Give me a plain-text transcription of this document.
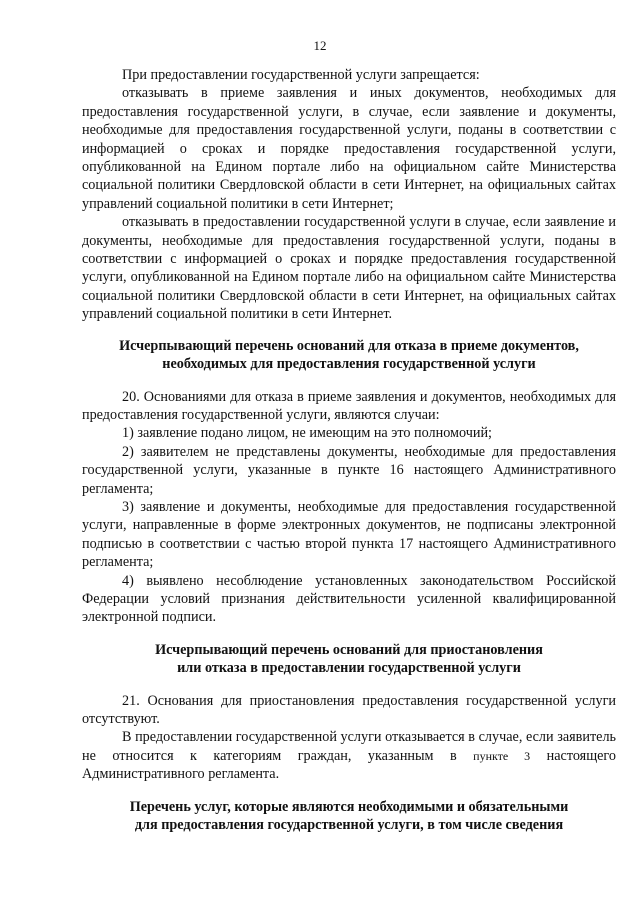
12

При предоставлении государственной услуги запрещается:

отказывать в приеме заявления и иных документов, необходимых для предоставления государственной услуги, в случае, если заявление и документы, необходимые для предоставления государственной услуги, поданы в соответствии с информацией о сроках и порядке предоставления государственной услуги, опубликованной на Едином портале либо на официальном сайте Министерства социальной политики Свердловской области в сети Интернет, на официальных сайтах управлений социальной политики в сети Интернет;

отказывать в предоставлении государственной услуги в случае, если заявление и документы, необходимые для предоставления государственной услуги, поданы в соответствии с информацией о сроках и порядке предоставления государственной услуги, опубликованной на Едином портале либо на официальном сайте Министерства социальной политики Свердловской области в сети Интернет, на официальных сайтах управлений социальной политики в сети Интернет.

Исчерпывающий перечень оснований для отказа в приеме документов,
необходимых для предоставления государственной услуги

20. Основаниями для отказа в приеме заявления и документов, необходимых для предоставления государственной услуги, являются случаи:

1) заявление подано лицом, не имеющим на это полномочий;

2) заявителем не представлены документы, необходимые для предоставления государственной услуги, указанные в пункте 16 настоящего Административного регламента;

3) заявление и документы, необходимые для предоставления государственной услуги, направленные в форме электронных документов, не подписаны электронной подписью в соответствии с частью второй пункта 17 настоящего Административного регламента;

4) выявлено несоблюдение установленных законодательством Российской Федерации условий признания действительности усиленной квалифицированной электронной подписи.

Исчерпывающий перечень оснований для приостановления
или отказа в предоставлении государственной услуги

21. Основания для приостановления предоставления государственной услуги отсутствуют.

В предоставлении государственной услуги отказывается в случае, если заявитель не относится к категориям граждан, указанным в пункте 3 настоящего Административного регламента.

Перечень услуг, которые являются необходимыми и обязательными
для предоставления государственной услуги, в том числе сведения
